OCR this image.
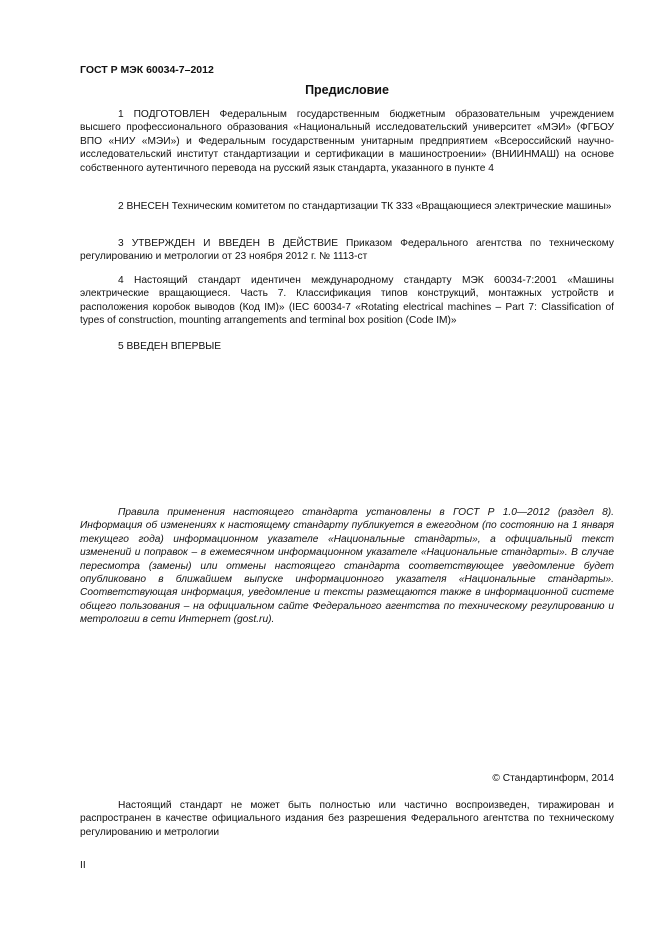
ГОСТ Р МЭК 60034-7–2012
Предисловие

1 ПОДГОТОВЛЕН Федеральным государственным бюджетным образовательным учреждением высшего профессионального образования «Национальный исследовательский университет «МЭИ» (ФГБОУ ВПО «НИУ «МЭИ») и Федеральным государственным унитарным предприятием «Всероссийский научно-исследовательский институт стандартизации и сертификации в машиностроении» (ВНИИНМАШ) на основе собственного аутентичного перевода на русский язык стандарта, указанного в пункте 4

2 ВНЕСЕН Техническим комитетом по стандартизации ТК 333 «Вращающиеся электрические машины»

3 УТВЕРЖДЕН И ВВЕДЕН В ДЕЙСТВИЕ Приказом Федерального агентства по техническому регулированию и метрологии от 23 ноября 2012 г. № 1113-ст

4 Настоящий стандарт идентичен международному стандарту МЭК 60034-7:2001 «Машины электрические вращающиеся. Часть 7. Классификация типов конструкций, монтажных устройств и расположения коробок выводов (Код IM)» (IEC 60034-7 «Rotating electrical machines – Part 7: Classification of types of construction, mounting arrangements and terminal box position (Code IM)»

5 ВВЕДЕН ВПЕРВЫЕ

Правила применения настоящего стандарта установлены в ГОСТ Р 1.0—2012 (раздел 8). Информация об изменениях к настоящему стандарту публикуется в ежегодном (по состоянию на 1 января текущего года) информационном указателе «Национальные стандарты», а официальный текст изменений и поправок – в ежемесячном информационном указателе «Национальные стандарты». В случае пересмотра (замены) или отмены настоящего стандарта соответствующее уведомление будет опубликовано в ближайшем выпуске информационного указателя «Национальные стандарты». Соответствующая информация, уведомление и тексты размещаются также в информационной системе общего пользования – на официальном сайте Федерального агентства по техническому регулированию и метрологии в сети Интернет (gost.ru).

© Стандартинформ, 2014

Настоящий стандарт не может быть полностью или частично воспроизведен, тиражирован и распространен в качестве официального издания без разрешения Федерального агентства по техническому регулированию и метрологии

II
